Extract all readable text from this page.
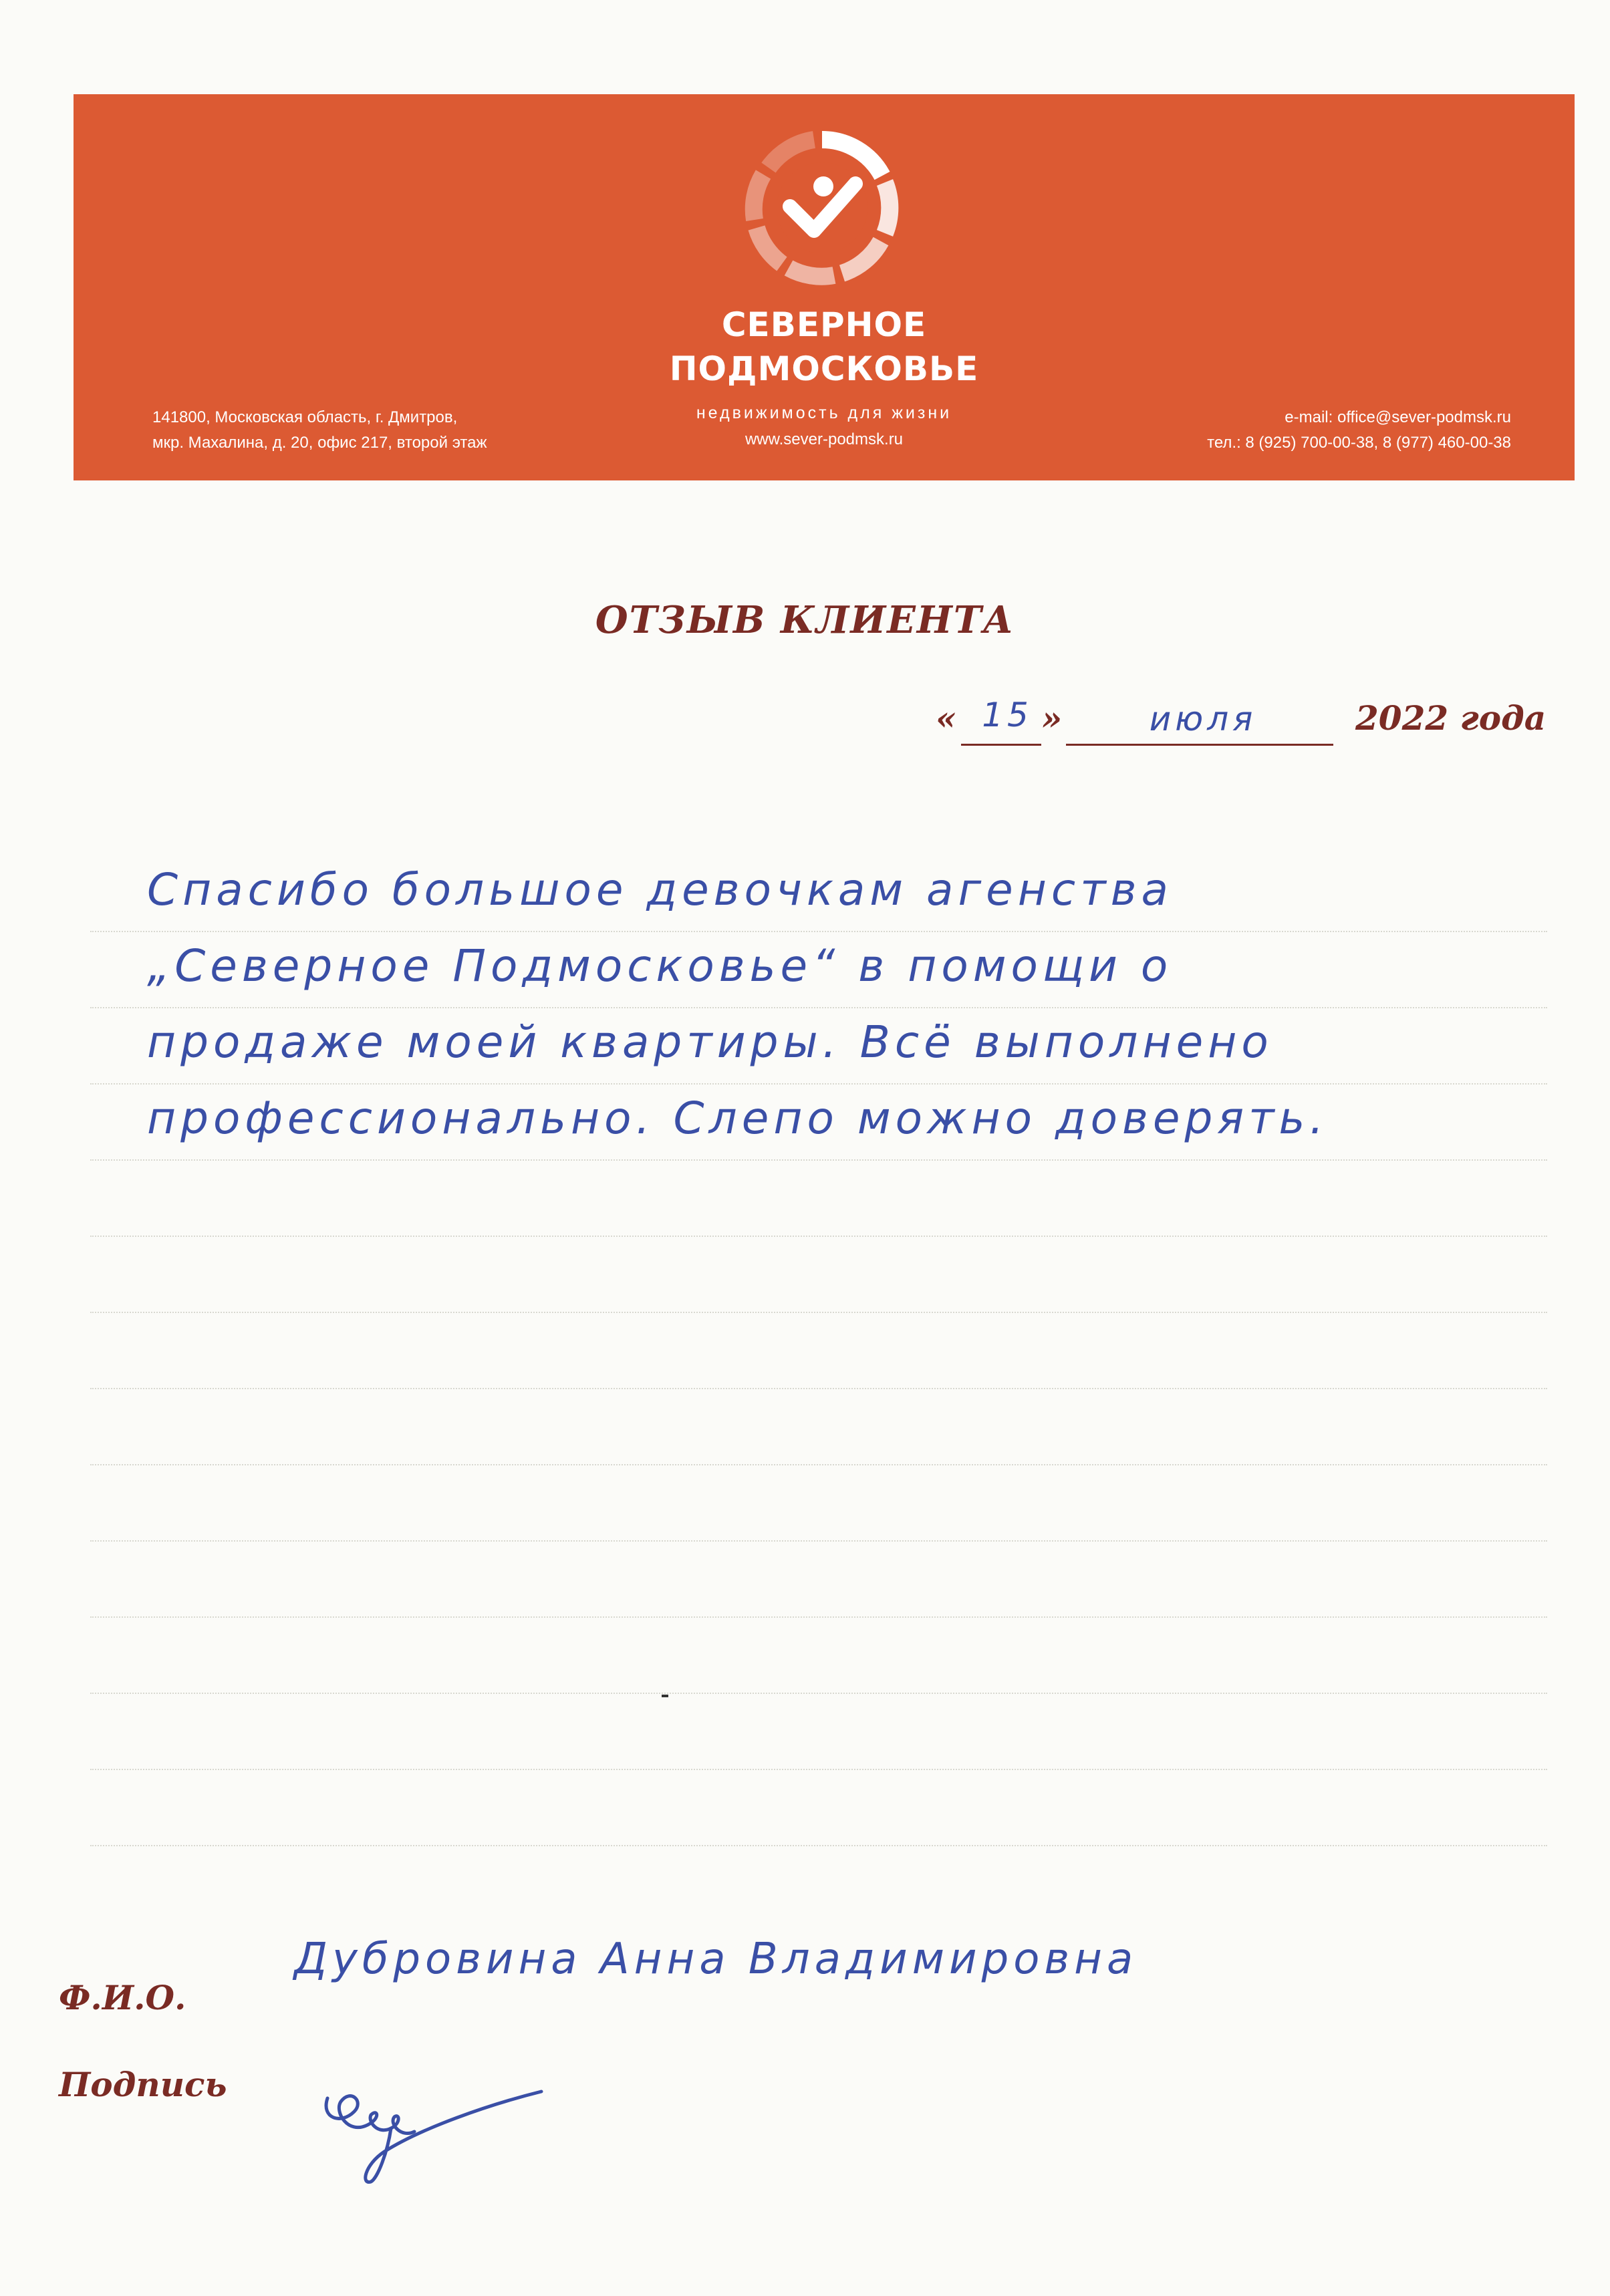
СЕВЕРНОЕ
ПОДМОСКОВЬЕ
недвижимость для жизни
www.sever-podmsk.ru
141800, Московская область, г. Дмитров,
мкр. Махалина, д. 20, офис 217, второй этаж
e-mail: office@sever-podmsk.ru
тел.: 8 (925) 700-00-38, 8 (977) 460-00-38
ОТЗЫВ КЛИЕНТА
« 15 »	июля	2022 года
Спасибо большое девочкам агенства
„Северное Подмосковье“ в помощи о
продаже моей квартиры. Всё выполнено
профессионально. Слепо можно доверять.
Ф.И.О.
Дубровина Анна Владимировна
Подпись
